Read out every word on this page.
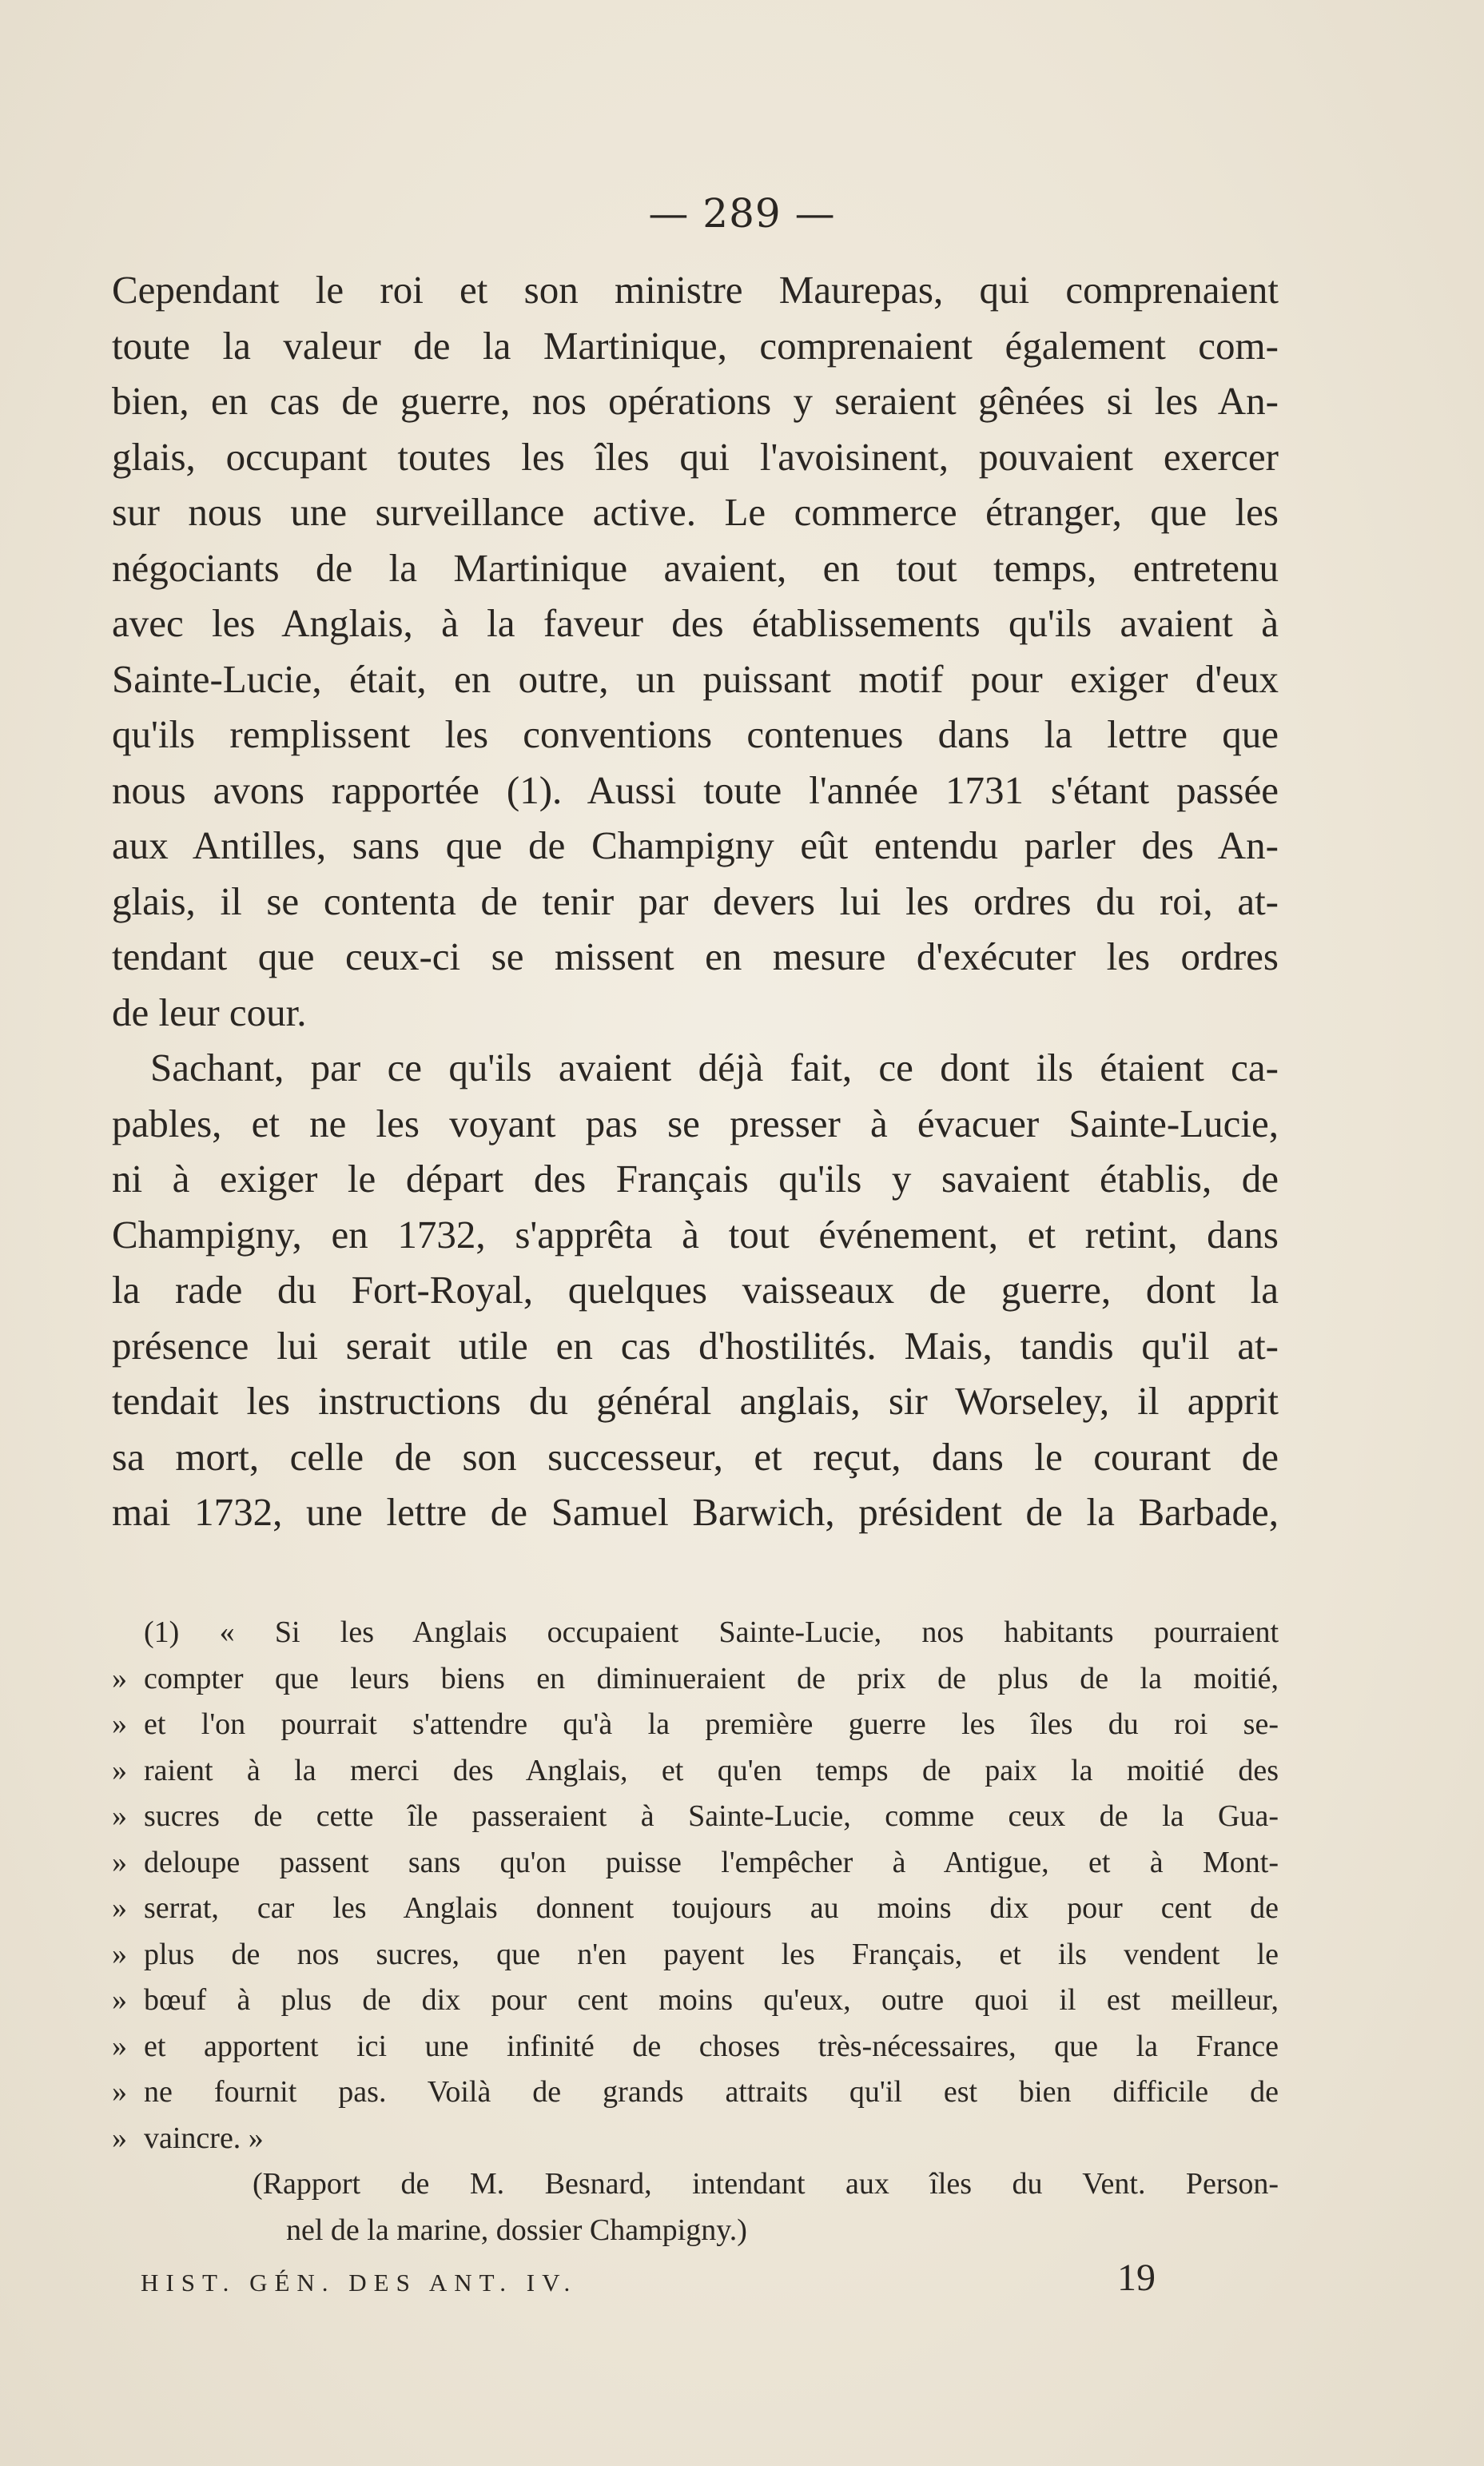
— 289 —
Cependant le roi et son ministre Maurepas, qui comprenaient
toute la valeur de la Martinique, comprenaient également com-
bien, en cas de guerre, nos opérations y seraient gênées si les An-
glais, occupant toutes les îles qui l'avoisinent, pouvaient exercer
sur nous une surveillance active. Le commerce étranger, que les
négociants de la Martinique avaient, en tout temps, entretenu
avec les Anglais, à la faveur des établissements qu'ils avaient à
Sainte-Lucie, était, en outre, un puissant motif pour exiger d'eux
qu'ils remplissent les conventions contenues dans la lettre que
nous avons rapportée (1). Aussi toute l'année 1731 s'étant passée
aux Antilles, sans que de Champigny eût entendu parler des An-
glais, il se contenta de tenir par devers lui les ordres du roi, at-
tendant que ceux-ci se missent en mesure d'exécuter les ordres
de leur cour.
Sachant, par ce qu'ils avaient déjà fait, ce dont ils étaient ca-
pables, et ne les voyant pas se presser à évacuer Sainte-Lucie,
ni à exiger le départ des Français qu'ils y savaient établis, de
Champigny, en 1732, s'apprêta à tout événement, et retint, dans
la rade du Fort-Royal, quelques vaisseaux de guerre, dont la
présence lui serait utile en cas d'hostilités. Mais, tandis qu'il at-
tendait les instructions du général anglais, sir Worseley, il apprit
sa mort, celle de son successeur, et reçut, dans le courant de
mai 1732, une lettre de Samuel Barwich, président de la Barbade,
(1) « Si les Anglais occupaient Sainte-Lucie, nos habitants pourraient
» compter que leurs biens en diminueraient de prix de plus de la moitié,
» et l'on pourrait s'attendre qu'à la première guerre les îles du roi se-
» raient à la merci des Anglais, et qu'en temps de paix la moitié des
» sucres de cette île passeraient à Sainte-Lucie, comme ceux de la Gua-
» deloupe passent sans qu'on puisse l'empêcher à Antigue, et à Mont-
» serrat, car les Anglais donnent toujours au moins dix pour cent de
» plus de nos sucres, que n'en payent les Français, et ils vendent le
» bœuf à plus de dix pour cent moins qu'eux, outre quoi il est meilleur,
» et apportent ici une infinité de choses très-nécessaires, que la France
» ne fournit pas. Voilà de grands attraits qu'il est bien difficile de
» vaincre. »
(Rapport de M. Besnard, intendant aux îles du Vent. Person-
nel de la marine, dossier Champigny.)
HIST. GÉN. DES ANT. IV.	19
